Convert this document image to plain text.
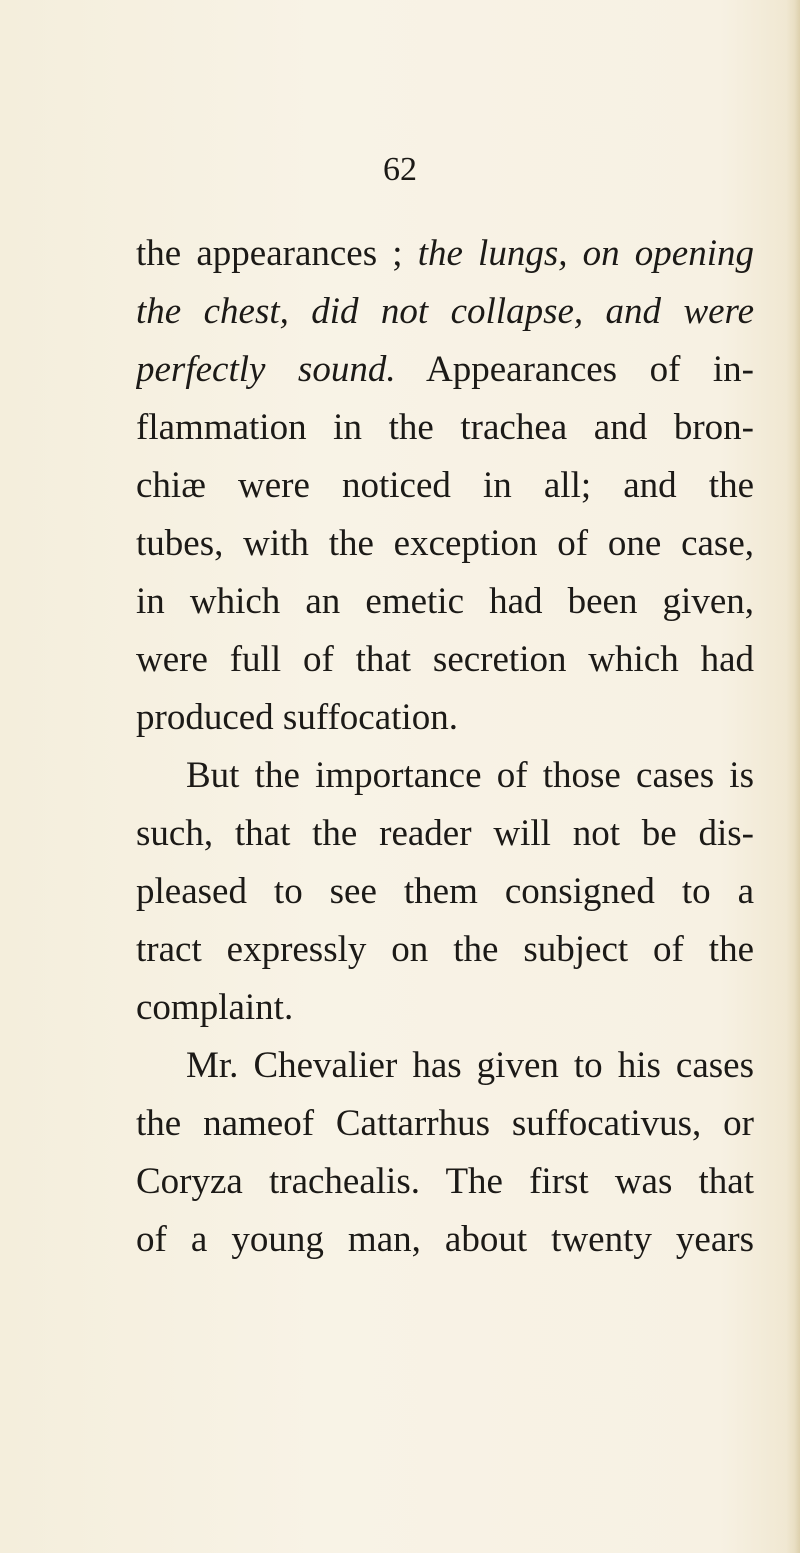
62
the appearances ; the lungs, on opening
the chest, did not collapse, and were
perfectly sound. Appearances of in-
flammation in the trachea and bron-
chiæ were noticed in all; and the
tubes, with the exception of one case,
in which an emetic had been given,
were full of that secretion which had
produced suffocation.
But the importance of those cases is
such, that the reader will not be dis-
pleased to see them consigned to a
tract expressly on the subject of the
complaint.
Mr. Chevalier has given to his cases
the nameof Cattarrhus suffocativus, or
Coryza trachealis. The first was that
of a young man, about twenty years
